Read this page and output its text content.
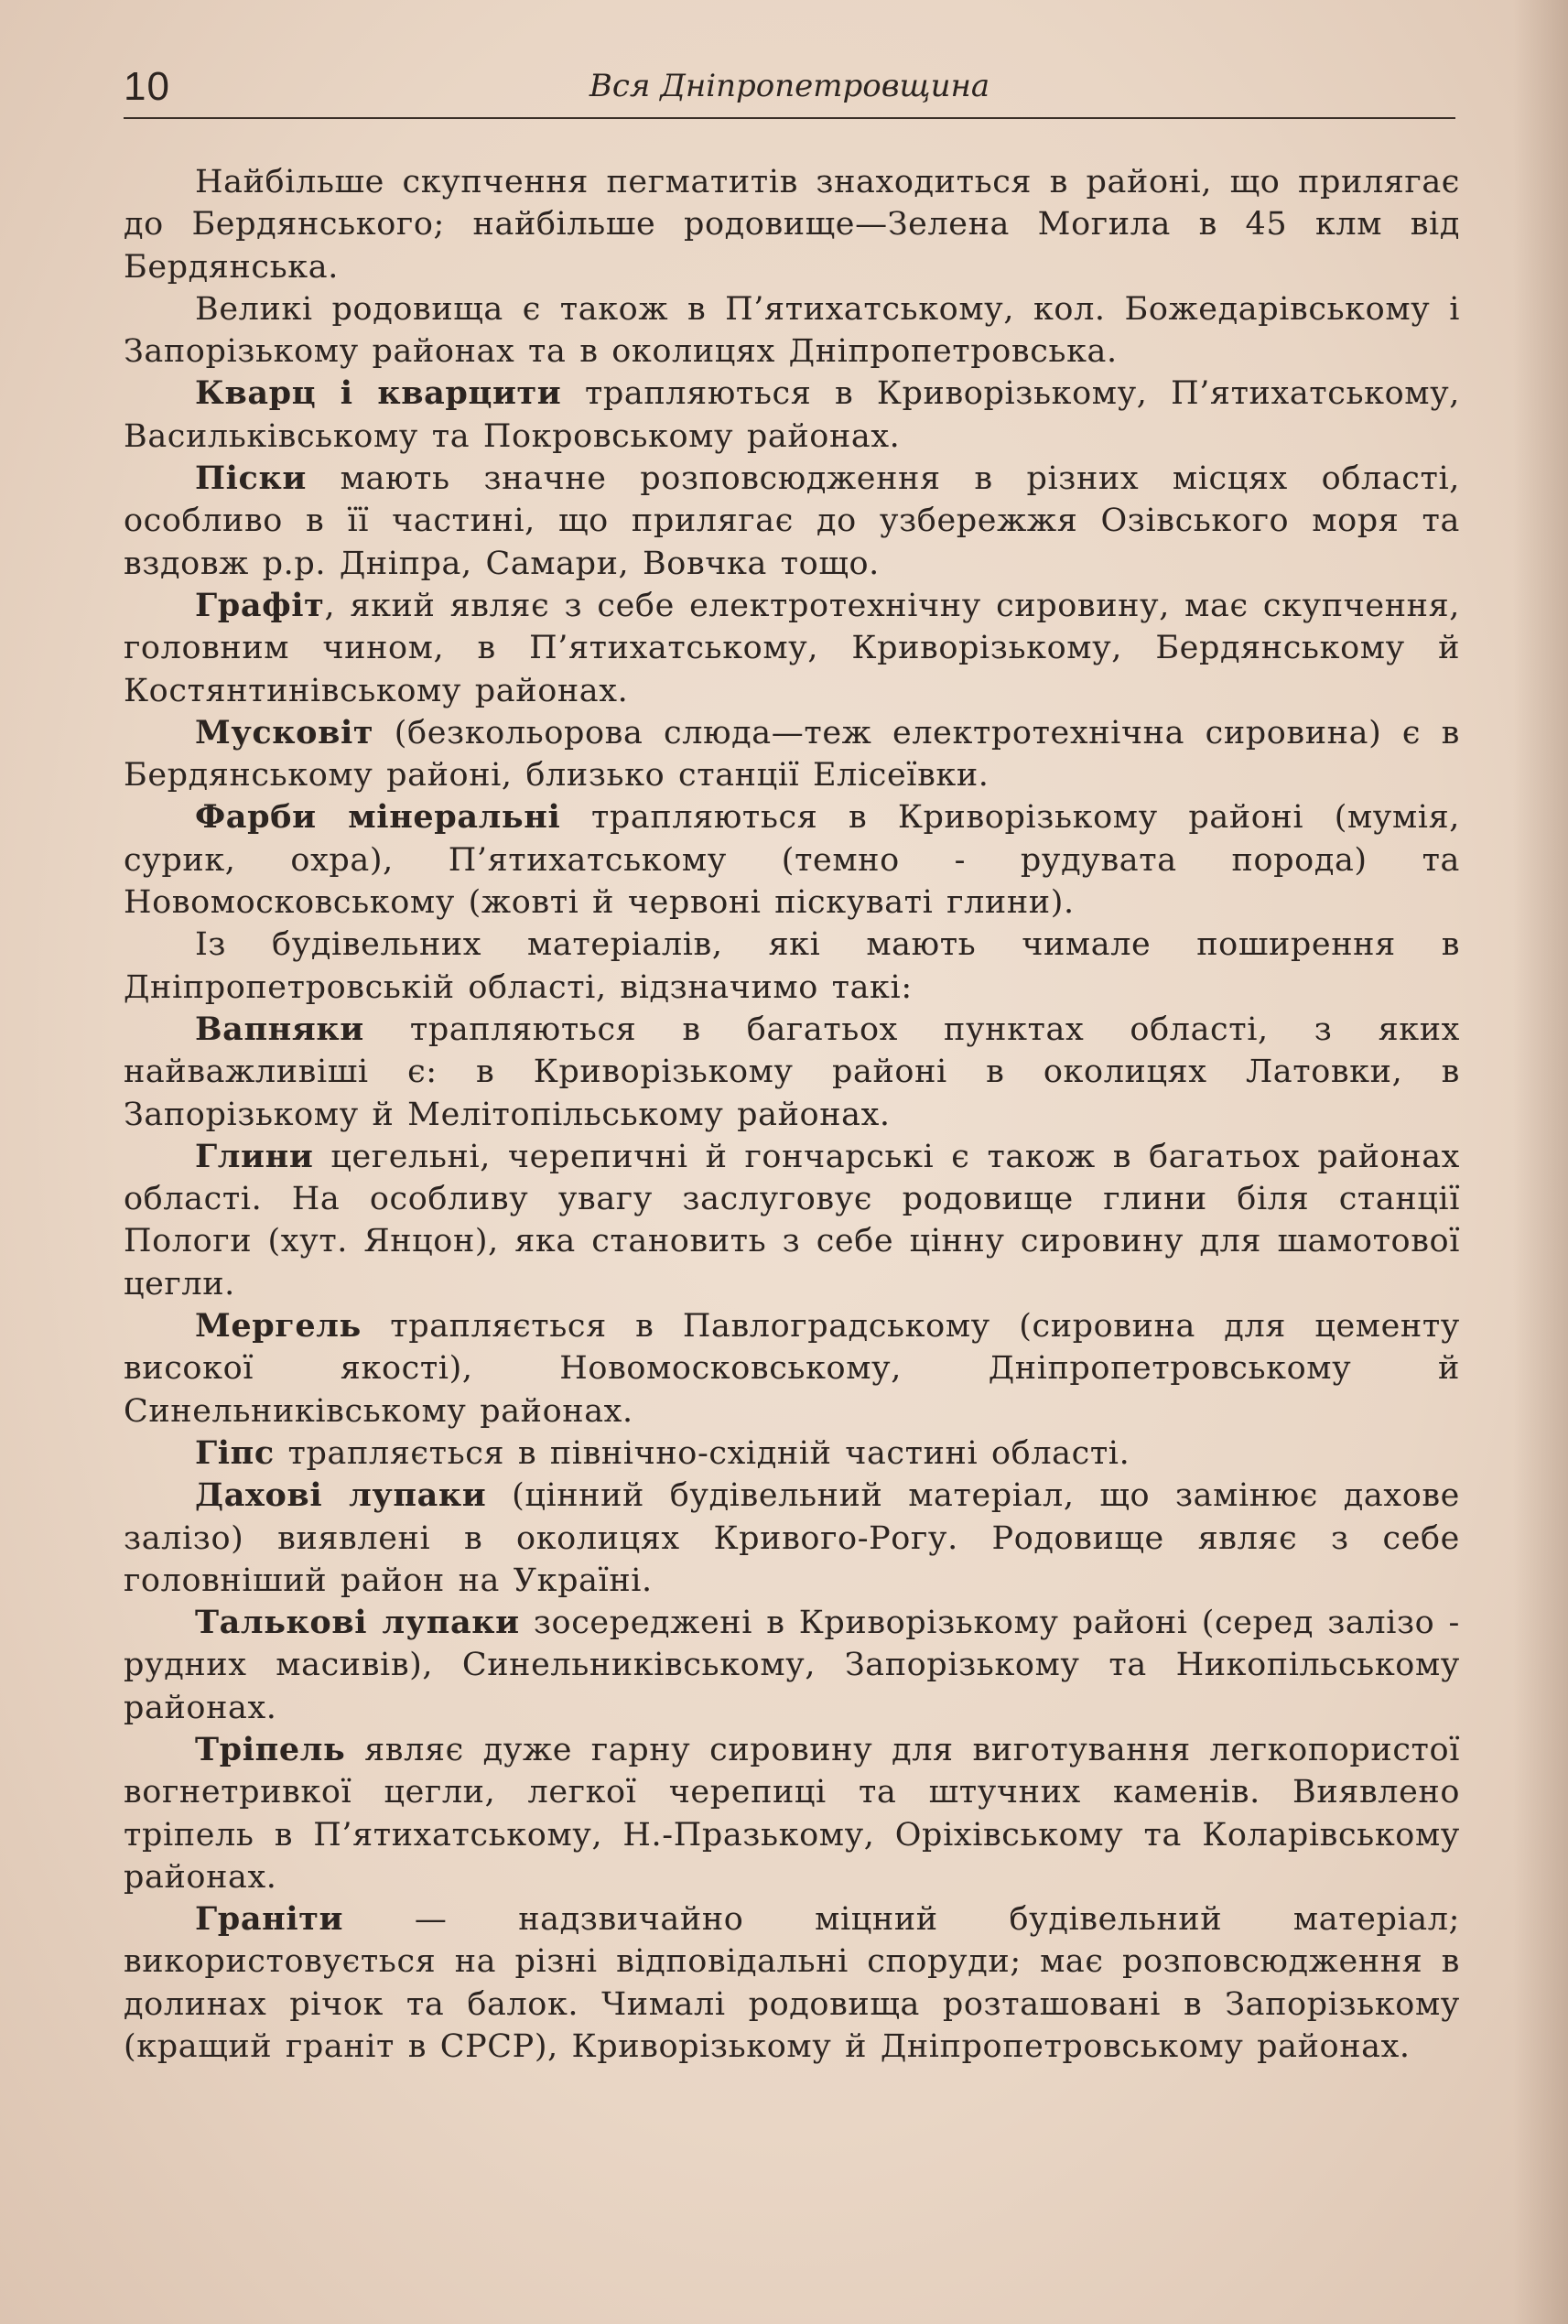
10	Вся Дніпропетровщина

Найбільше скупчення пегматитів знаходиться в районі, що прилягає до Бердянського; найбільше родовище—Зелена Могила в 45 клм від Бердянська.

Великі родовища є також в П’ятихатському, кол. Божедарівському і Запорізькому районах та в околицях Дніпропетровська.

Кварц і кварцити трапляються в Криворізькому, П’ятихатському, Васильківському та Покровському районах.

Піски мають значне розповсюдження в різних місцях області, особливо в її частині, що прилягає до узбережжя Озівського моря та вздовж р.р. Дніпра, Самари, Вовчка тощо.

Графіт, який являє з себе електротехнічну сировину, має скупчення, головним чином, в П’ятихатському, Криворізькому, Бердянському й Костянтинівському районах.

Мусковіт (безкольорова слюда—теж електротехнічна сировина) є в Бердянському районі, близько станції Елісеївки.

Фарби мінеральні трапляються в Криворізькому районі (мумія, сурик, охра), П’ятихатському (темно - рудувата порода) та Новомосковському (жовті й червоні піскуваті глини).

Із будівельних матеріалів, які мають чимале поширення в Дніпропетровській області, відзначимо такі:

Вапняки трапляються в багатьох пунктах області, з яких найважливіші є: в Криворізькому районі в околицях Латовки, в Запорізькому й Мелітопільському районах.

Глини цегельні, черепичні й гончарські є також в багатьох районах області. На особливу увагу заслуговує родовище глини біля станції Пологи (хут. Янцон), яка становить з себе цінну сировину для шамотової цегли.

Мергель трапляється в Павлоградському (сировина для цементу високої якості), Новомосковському, Дніпропетровському й Синельниківському районах.

Гіпс трапляється в північно-східній частині області.

Дахові лупаки (цінний будівельний матеріал, що замінює дахове залізо) виявлені в околицях Кривого-Рогу. Родовище являє з себе головніший район на Україні.

Тальковi лупаки зосереджені в Криворізькому районі (серед залізо - рудних масивів), Синельниківському, Запорізькому та Никопільському районах.

Тріпель являє дуже гарну сировину для виготування легкопористої вогнетривкої цегли, легкої черепиці та штучних каменів. Виявлено тріпель в П’ятихатському, Н.-Празькому, Оріхівському та Коларівському районах.

Граніти — надзвичайно міцний будівельний матеріал; використовується на різні відповідальні споруди; має розповсюдження в долинах річок та балок. Чималі родовища розташовані в Запорізькому (кращий граніт в СРСР), Криворізькому й Дніпропетровському районах.
